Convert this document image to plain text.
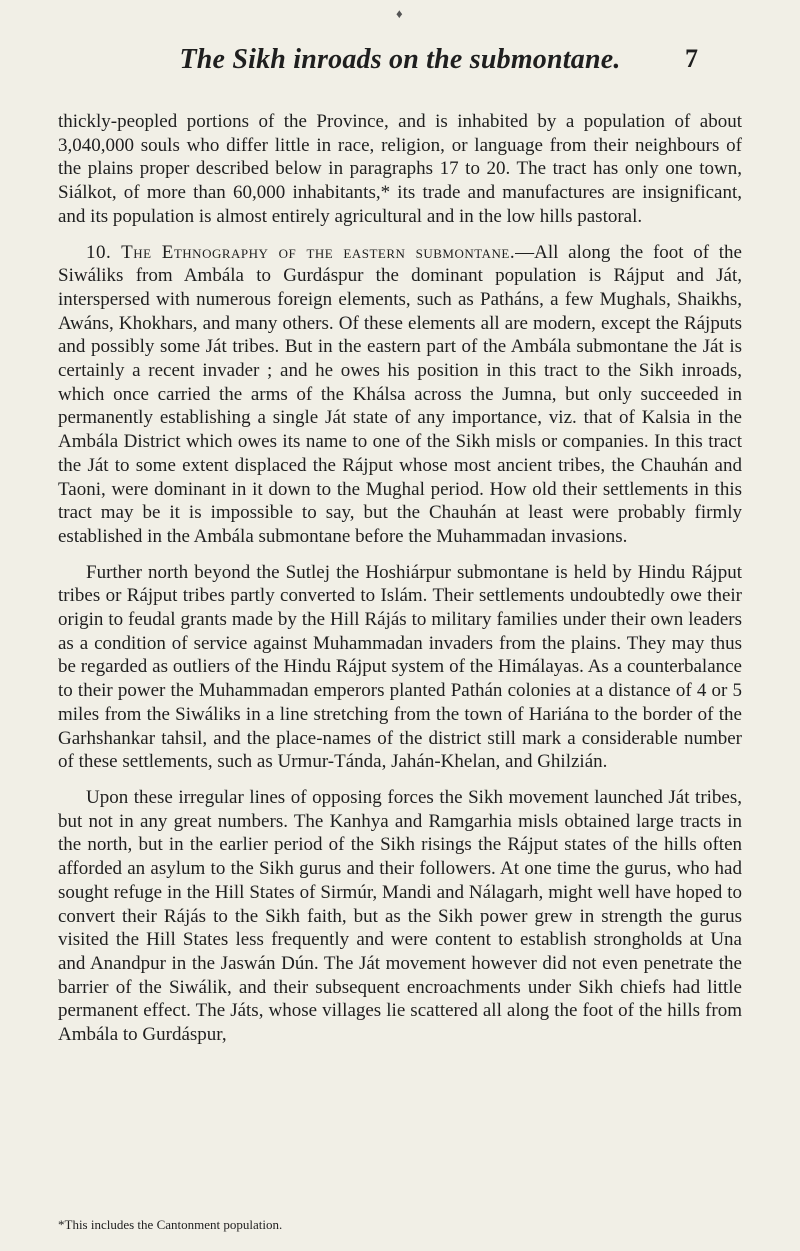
♦
The Sikh inroads on the submontane.	7

thickly-peopled portions of the Province, and is inhabited by a population of about 3,040,000 souls who differ little in race, religion, or language from their neighbours of the plains proper described below in paragraphs 17 to 20. The tract has only one town, Siálkot, of more than 60,000 inhabitants,* its trade and manufactures are insignificant, and its population is almost entirely agricultural and in the low hills pastoral.

10. The Ethnography of the eastern submontane.—All along the foot of the Siwáliks from Ambála to Gurdáspur the dominant population is Rájput and Ját, interspersed with numerous foreign elements, such as Patháns, a few Mughals, Shaikhs, Awáns, Khokhars, and many others. Of these elements all are modern, except the Rájputs and possibly some Ját tribes. But in the eastern part of the Ambála submontane the Ját is certainly a recent invader ; and he owes his position in this tract to the Sikh inroads, which once carried the arms of the Khálsa across the Jumna, but only succeeded in permanently establishing a single Ját state of any importance, viz. that of Kalsia in the Ambála District which owes its name to one of the Sikh misls or companies. In this tract the Ját to some extent displaced the Rájput whose most ancient tribes, the Chauhán and Taoni, were dominant in it down to the Mughal period. How old their settlements in this tract may be it is impossible to say, but the Chauhán at least were probably firmly established in the Ambála submontane before the Muhammadan invasions.

Further north beyond the Sutlej the Hoshiárpur submontane is held by Hindu Rájput tribes or Rájput tribes partly converted to Islám. Their settlements undoubtedly owe their origin to feudal grants made by the Hill Rájás to military families under their own leaders as a condition of service against Muhammadan invaders from the plains. They may thus be regarded as outliers of the Hindu Rájput system of the Himálayas. As a counterbalance to their power the Muhammadan emperors planted Pathán colonies at a distance of 4 or 5 miles from the Siwáliks in a line stretching from the town of Hariána to the border of the Garhshankar tahsil, and the place-names of the district still mark a considerable number of these settlements, such as Urmur-Tánda, Jahán-Khelan, and Ghilzián.

Upon these irregular lines of opposing forces the Sikh movement launched Ját tribes, but not in any great numbers. The Kanhya and Ramgarhia misls obtained large tracts in the north, but in the earlier period of the Sikh risings the Rájput states of the hills often afforded an asylum to the Sikh gurus and their followers. At one time the gurus, who had sought refuge in the Hill States of Sirmúr, Mandi and Nálagarh, might well have hoped to convert their Rájás to the Sikh faith, but as the Sikh power grew in strength the gurus visited the Hill States less frequently and were content to establish strongholds at Una and Anandpur in the Jaswán Dún. The Ját movement however did not even penetrate the barrier of the Siwálik, and their subsequent encroachments under Sikh chiefs had little permanent effect. The Játs, whose villages lie scattered all along the foot of the hills from Ambála to Gurdáspur,

*This includes the Cantonment population.
